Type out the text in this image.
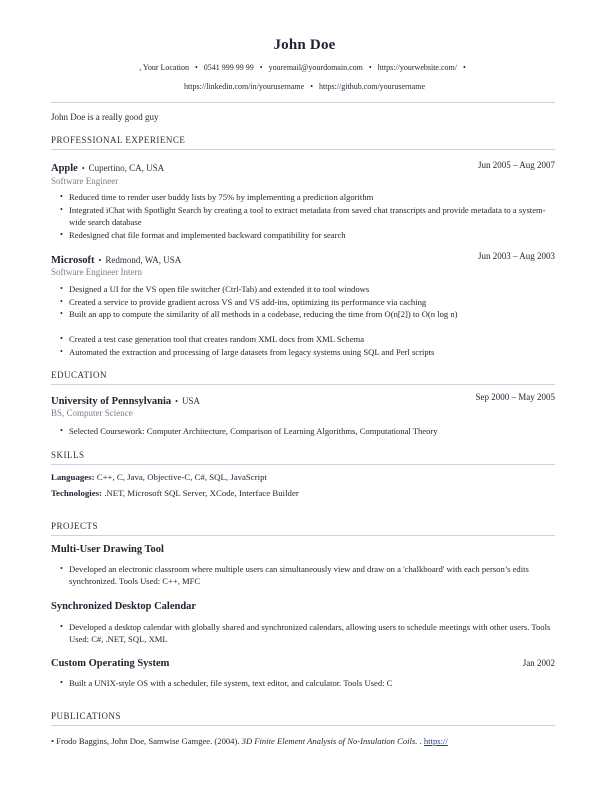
John Doe
, Your Location • 0541 999 99 99 • youremail@yourdomain.com • https://yourwebsite.com/ •
https://linkedin.com/in/yourusername • https://github.com/yourusername
John Doe is a really good guy
PROFESSIONAL EXPERIENCE
Apple • Cupertino, CA, USA	Jun 2005 – Aug 2007
Software Engineer
• Reduced time to render user buddy lists by 75% by implementing a prediction algorithm
• Integrated iChat with Spotlight Search by creating a tool to extract metadata from saved chat transcripts and provide metadata to a system-wide search database
• Redesigned chat file format and implemented backward compatibility for search
Microsoft • Redmond, WA, USA	Jun 2003 – Aug 2003
Software Engineer Intern
• Designed a UI for the VS open file switcher (Ctrl-Tab) and extended it to tool windows
• Created a service to provide gradient across VS and VS add-ins, optimizing its performance via caching
• Built an app to compute the similarity of all methods in a codebase, reducing the time from O(n[2]) to O(n log n)
• Created a test case generation tool that creates random XML docs from XML Schema
• Automated the extraction and processing of large datasets from legacy systems using SQL and Perl scripts
EDUCATION
University of Pennsylvania • USA	Sep 2000 – May 2005
BS, Computer Science
• Selected Coursework: Computer Architecture, Comparison of Learning Algorithms, Computational Theory
SKILLS
Languages: C++, C, Java, Objective-C, C#, SQL, JavaScript
Technologies: .NET, Microsoft SQL Server, XCode, Interface Builder
PROJECTS
Multi-User Drawing Tool
• Developed an electronic classroom where multiple users can simultaneously view and draw on a 'chalkboard' with each person’s edits synchronized. Tools Used: C++, MFC
Synchronized Desktop Calendar
• Developed a desktop calendar with globally shared and synchronized calendars, allowing users to schedule meetings with other users. Tools Used: C#, .NET, SQL, XML
Custom Operating System	Jan 2002
• Built a UNIX-style OS with a scheduler, file system, text editor, and calculator. Tools Used: C
PUBLICATIONS
• Frodo Baggins, John Doe, Samwise Gamgee. (2004). 3D Finite Element Analysis of No-Insulation Coils. . https://
